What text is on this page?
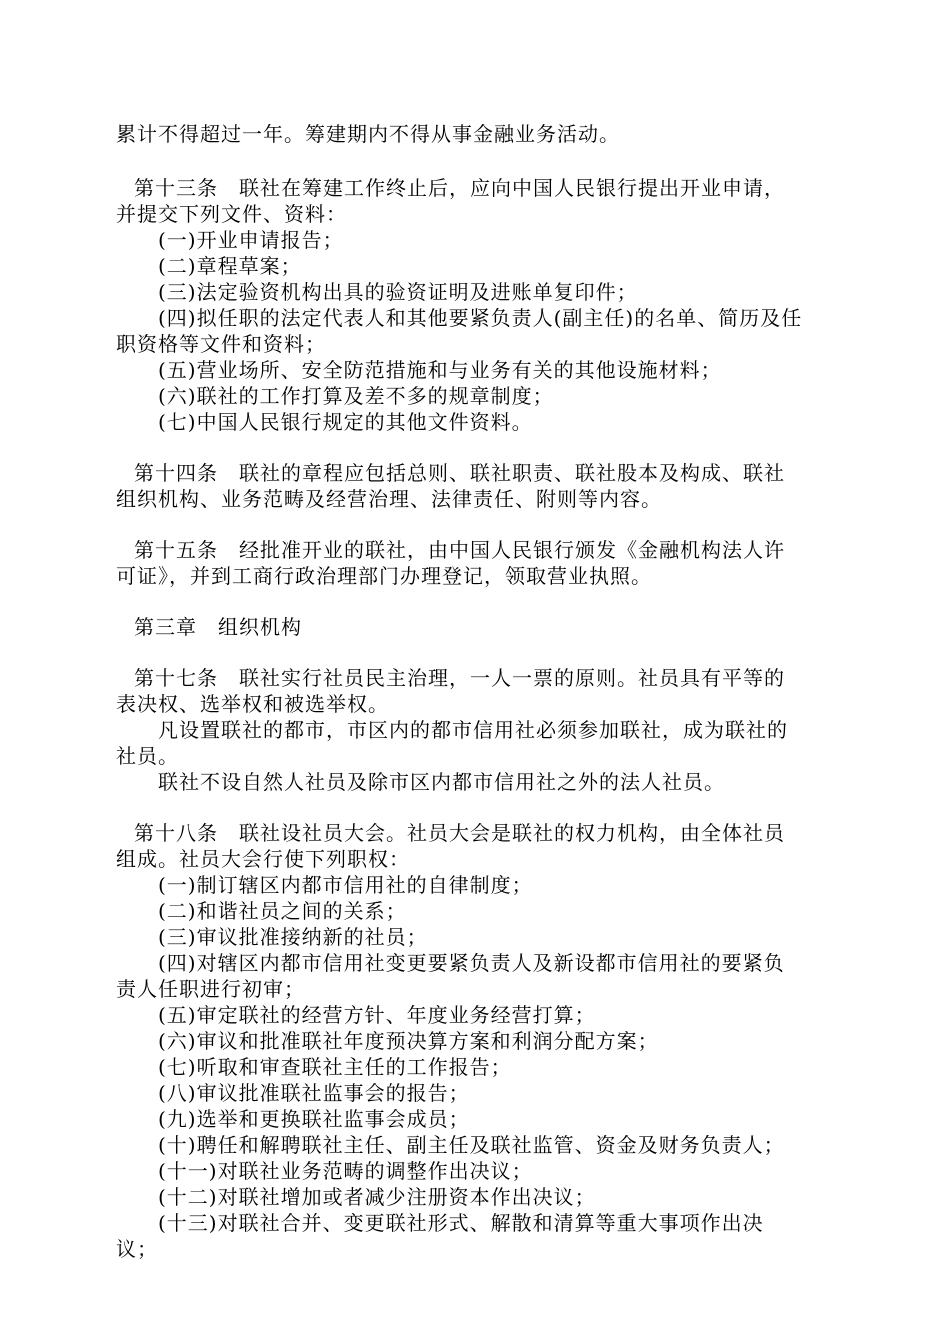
累计不得超过一年。筹建期内不得从事金融业务活动。
第十三条　联社在筹建工作终止后，应向中国人民银行提出开业申请，
并提交下列文件、资料：
(一)开业申请报告；
(二)章程草案；
(三)法定验资机构出具的验资证明及进账单复印件；
(四)拟任职的法定代表人和其他要紧负责人(副主任)的名单、简历及任
职资格等文件和资料；
(五)营业场所、安全防范措施和与业务有关的其他设施材料；
(六)联社的工作打算及差不多的规章制度；
(七)中国人民银行规定的其他文件资料。
第十四条　联社的章程应包括总则、联社职责、联社股本及构成、联社
组织机构、业务范畴及经营治理、法律责任、附则等内容。
第十五条　经批准开业的联社，由中国人民银行颁发《金融机构法人许
可证》，并到工商行政治理部门办理登记，领取营业执照。
第三章　组织机构
第十七条　联社实行社员民主治理，一人一票的原则。社员具有平等的
表决权、选举权和被选举权。
凡设置联社的都市，市区内的都市信用社必须参加联社，成为联社的
社员。
联社不设自然人社员及除市区内都市信用社之外的法人社员。
第十八条　联社设社员大会。社员大会是联社的权力机构，由全体社员
组成。社员大会行使下列职权：
(一)制订辖区内都市信用社的自律制度；
(二)和谐社员之间的关系；
(三)审议批准接纳新的社员；
(四)对辖区内都市信用社变更要紧负责人及新设都市信用社的要紧负
责人任职进行初审；
(五)审定联社的经营方针、年度业务经营打算；
(六)审议和批准联社年度预决算方案和利润分配方案；
(七)听取和审查联社主任的工作报告；
(八)审议批准联社监事会的报告；
(九)选举和更换联社监事会成员；
(十)聘任和解聘联社主任、副主任及联社监管、资金及财务负责人；
(十一)对联社业务范畴的调整作出决议；
(十二)对联社增加或者减少注册资本作出决议；
(十三)对联社合并、变更联社形式、解散和清算等重大事项作出决
议；
